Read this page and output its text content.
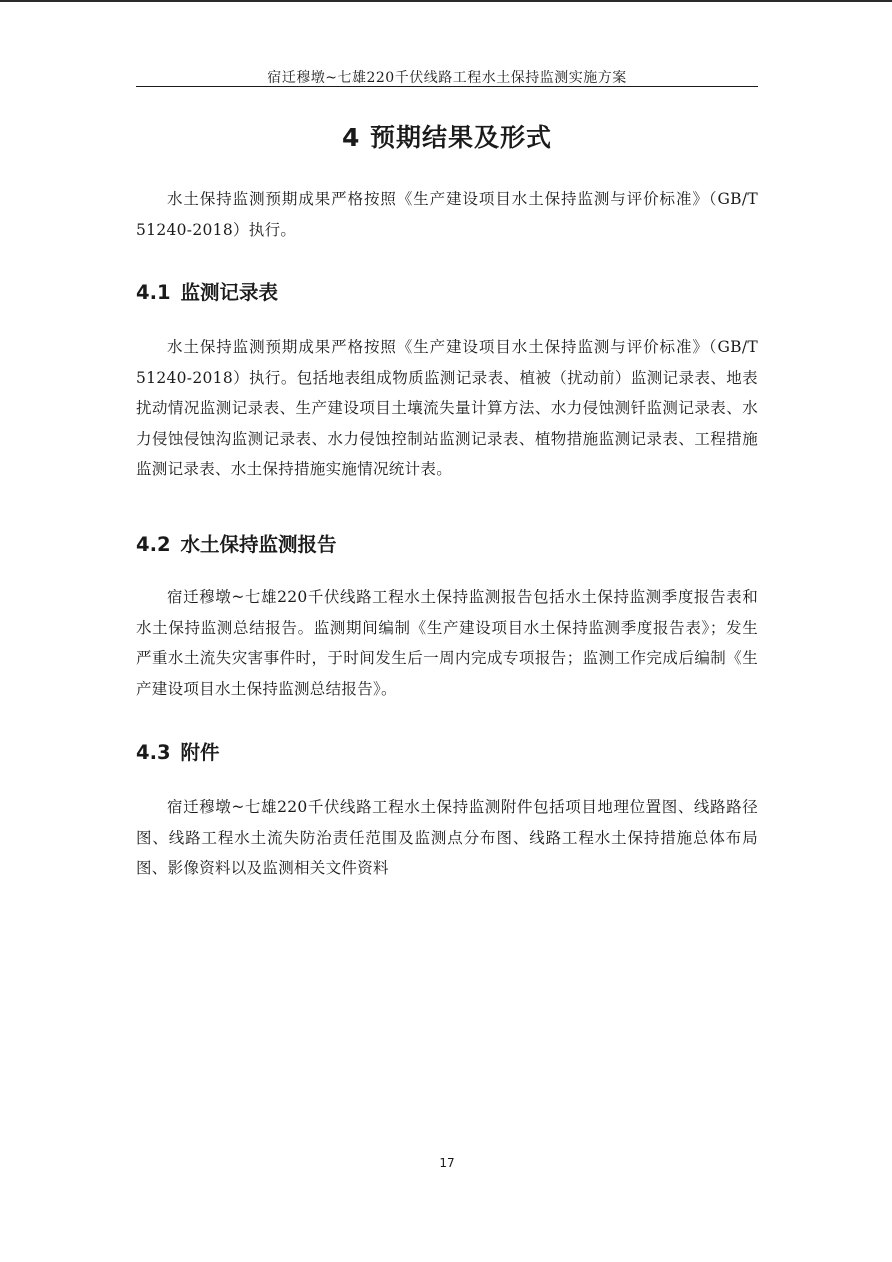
宿迁穆墩~七雄220千伏线路工程水土保持监测实施方案
4 预期结果及形式

水土保持监测预期成果严格按照《生产建设项目水土保持监测与评价标准》（GB/T 51240-2018）执行。

4.1 监测记录表

水土保持监测预期成果严格按照《生产建设项目水土保持监测与评价标准》（GB/T 51240-2018）执行。包括地表组成物质监测记录表、植被（扰动前）监测记录表、地表扰动情况监测记录表、生产建设项目土壤流失量计算方法、水力侵蚀测钎监测记录表、水力侵蚀侵蚀沟监测记录表、水力侵蚀控制站监测记录表、植物措施监测记录表、工程措施监测记录表、水土保持措施实施情况统计表。

4.2 水土保持监测报告

宿迁穆墩~七雄220千伏线路工程水土保持监测报告包括水土保持监测季度报告表和水土保持监测总结报告。监测期间编制《生产建设项目水土保持监测季度报告表》；发生严重水土流失灾害事件时，于时间发生后一周内完成专项报告；监测工作完成后编制《生产建设项目水土保持监测总结报告》。

4.3 附件

宿迁穆墩~七雄220千伏线路工程水土保持监测附件包括项目地理位置图、线路路径图、线路工程水土流失防治责任范围及监测点分布图、线路工程水土保持措施总体布局图、影像资料以及监测相关文件资料

17
